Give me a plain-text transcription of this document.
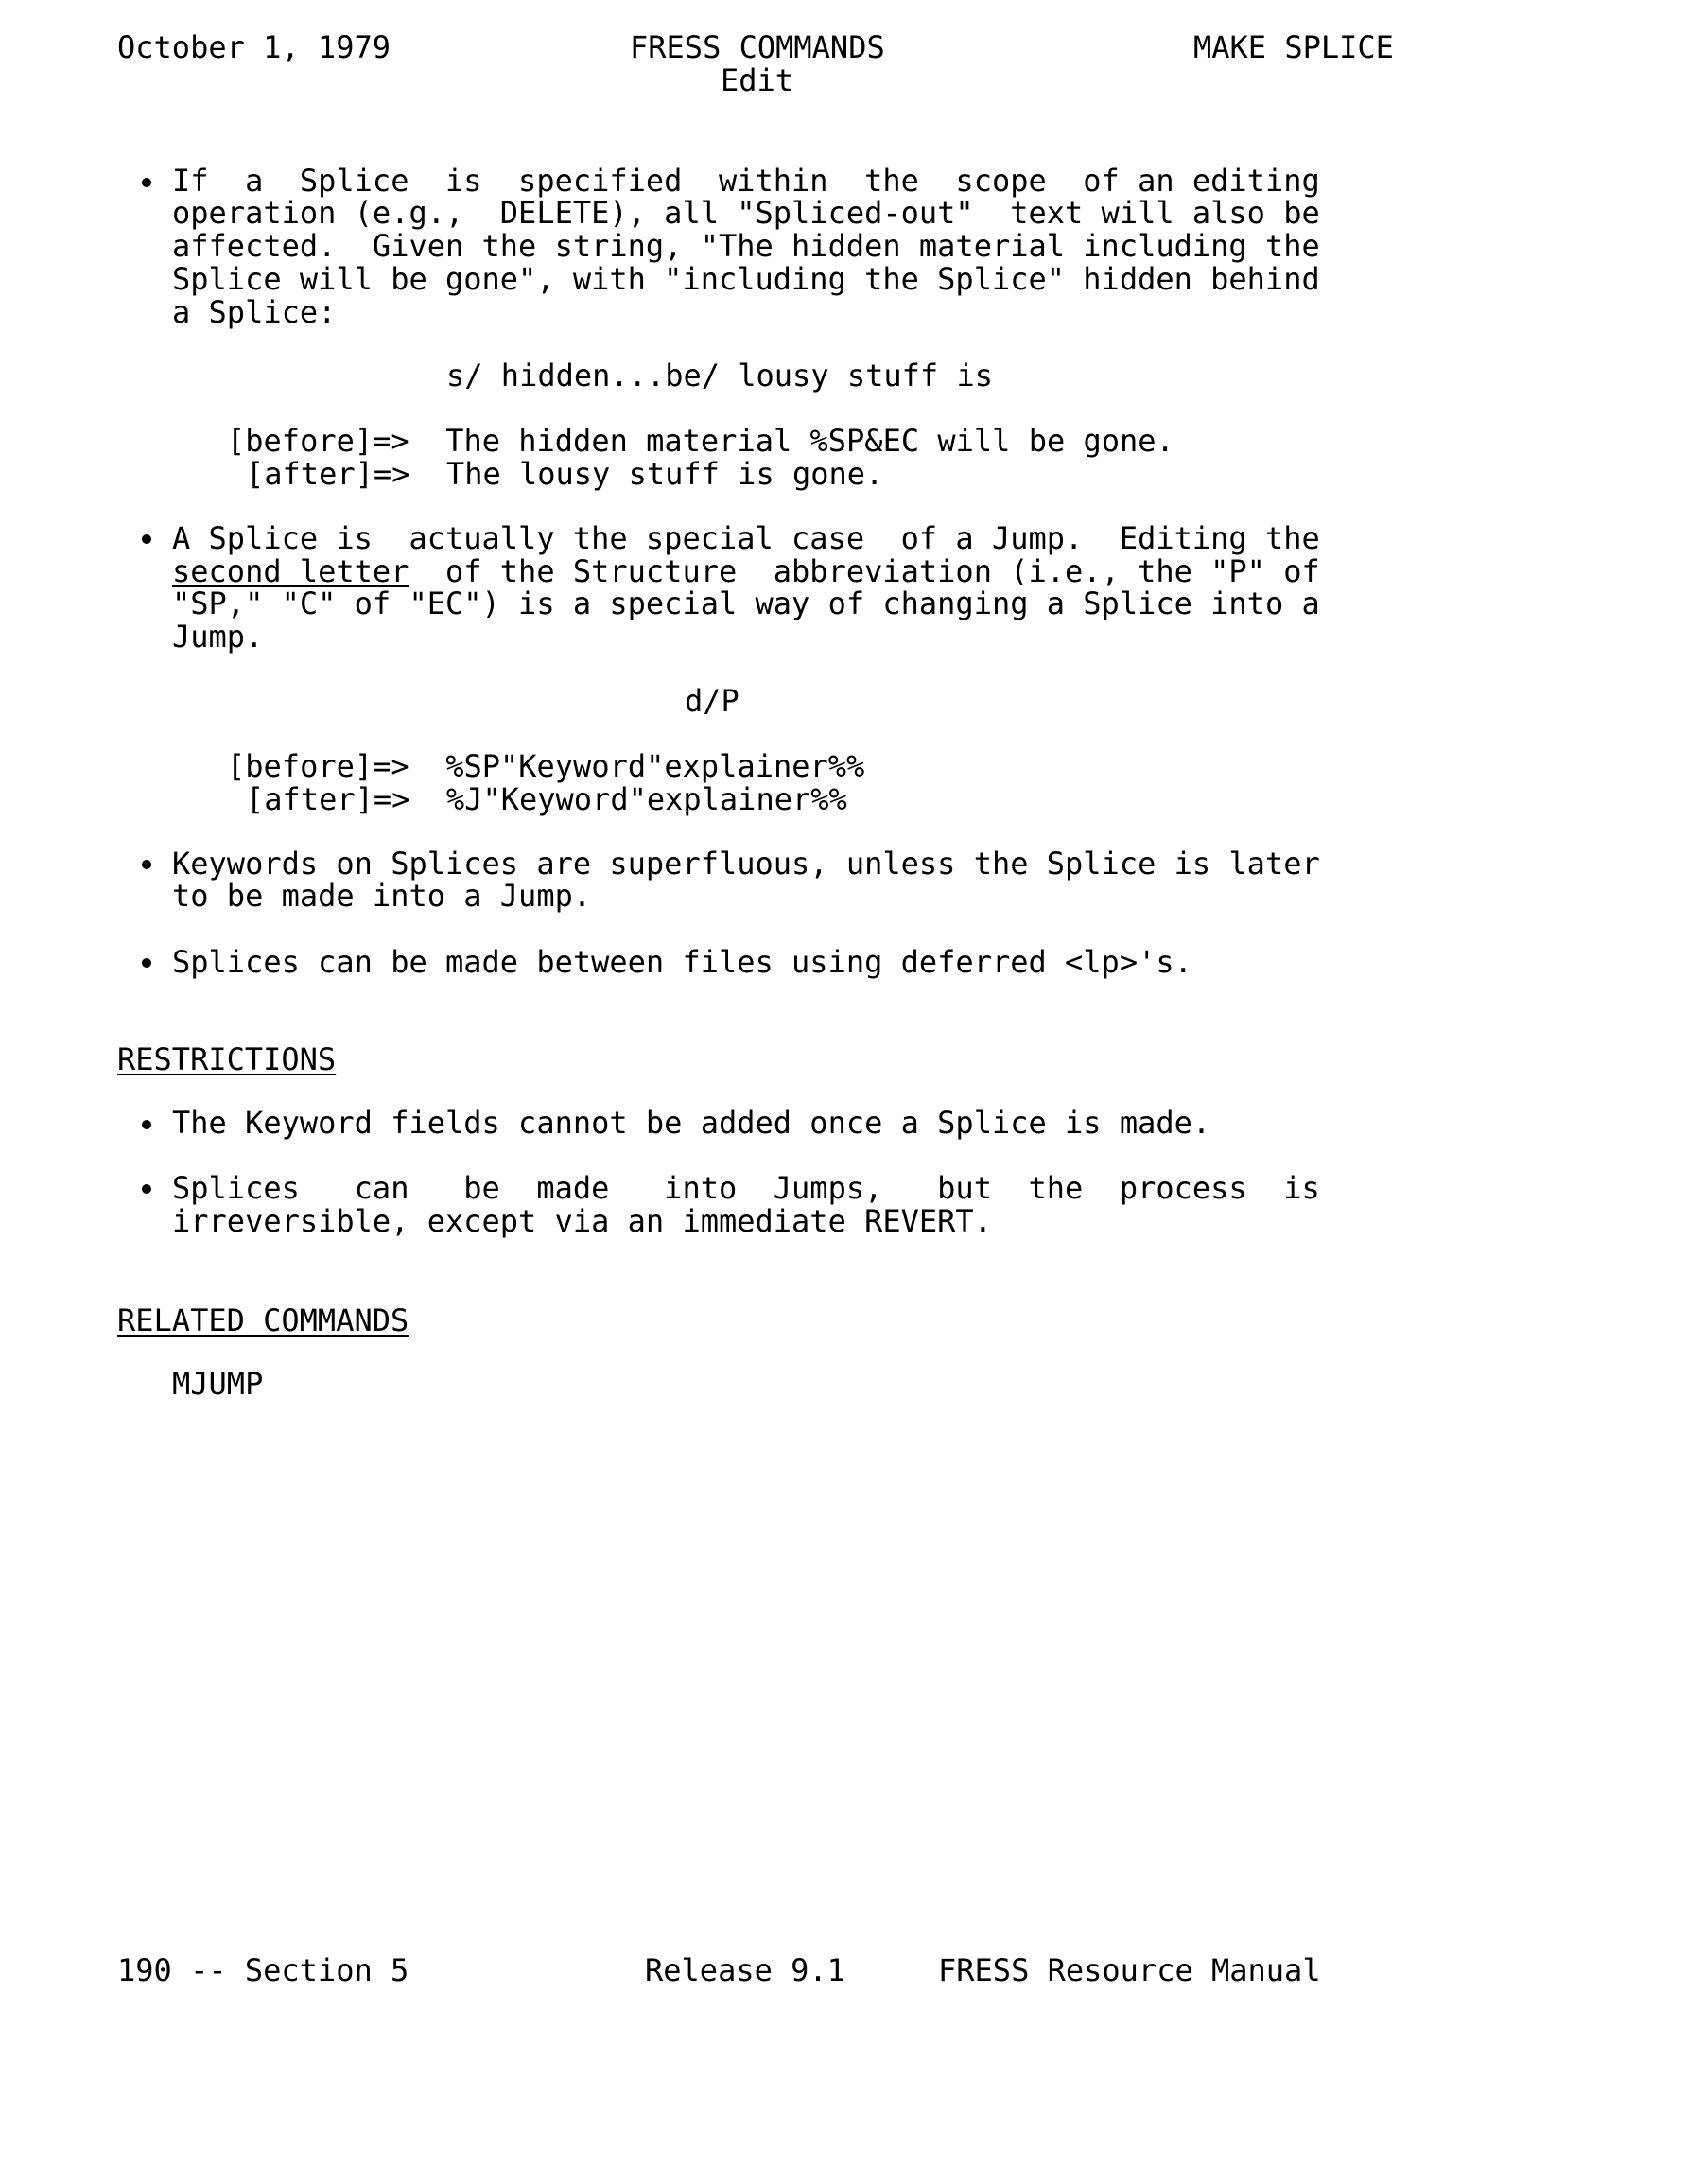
October 1, 1979	FRESS COMMANDS	MAKE SPLICE
Edit
If  a  Splice  is  specified  within  the  scope  of an editing
operation (e.g.,  DELETE), all "Spliced-out"  text will also be
affected.  Given the string, "The hidden material including the
Splice will be gone", with "including the Splice" hidden behind
a Splice:
s/ hidden...be/ lousy stuff is
[before]=>  The hidden material %SP&EC will be gone.
[after]=>  The lousy stuff is gone.
A Splice is  actually the special case  of a Jump.  Editing the
second letter  of the Structure  abbreviation (i.e., the "P" of
"SP," "C" of "EC") is a special way of changing a Splice into a
Jump.
d/P
[before]=>  %SP"Keyword"explainer%%
[after]=>  %J"Keyword"explainer%%
Keywords on Splices are superfluous, unless the Splice is later
to be made into a Jump.
Splices can be made between files using deferred <lp>'s.
RESTRICTIONS
The Keyword fields cannot be added once a Splice is made.
Splices   can   be  made   into  Jumps,   but  the  process  is
irreversible, except via an immediate REVERT.
RELATED COMMANDS
MJUMP
190 -- Section 5	Release 9.1	FRESS Resource Manual
